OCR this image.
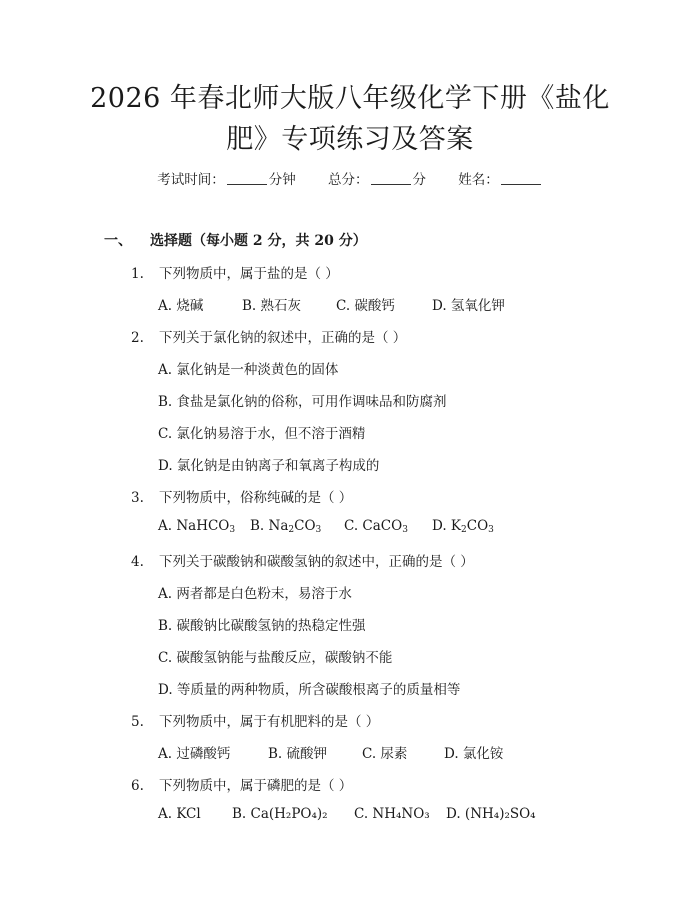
2026 年春北师大版八年级化学下册《盐化
肥》专项练习及答案
考试时间：	分钟 总分：	分 姓名：
一、 选择题（每小题 2 分，共 20 分）
1. 下列物质中，属于盐的是（ ）
A. 烧碱	B. 熟石灰	C. 碳酸钙	D. 氢氧化钾
2. 下列关于氯化钠的叙述中，正确的是（ ）
A. 氯化钠是一种淡黄色的固体
B. 食盐是氯化钠的俗称，可用作调味品和防腐剂
C. 氯化钠易溶于水，但不溶于酒精
D. 氯化钠是由钠离子和氧离子构成的
3. 下列物质中，俗称纯碱的是（ ）
A. NaHCO$_3$ B. $Na_2CO_3$ C. CaCO$_3$ D. $K_2CO_3$
4. 下列关于碳酸钠和碳酸氢钠的叙述中，正确的是（ ）
A. 两者都是白色粉末，易溶于水
B. 碳酸钠比碳酸氢钠的热稳定性强
C. 碳酸氢钠能与盐酸反应，碳酸钠不能
D. 等质量的两种物质，所含碳酸根离子的质量相等
5. 下列物质中，属于有机肥料的是（ ）
A. 过磷酸钙	B. 硫酸钾	C. 尿素	D. 氯化铵
6. 下列物质中，属于磷肥的是（ ）
A. KCl B. Ca(H₂PO₄)₂ C. NH₄NO₃ D. (NH₄)₂SO₄
